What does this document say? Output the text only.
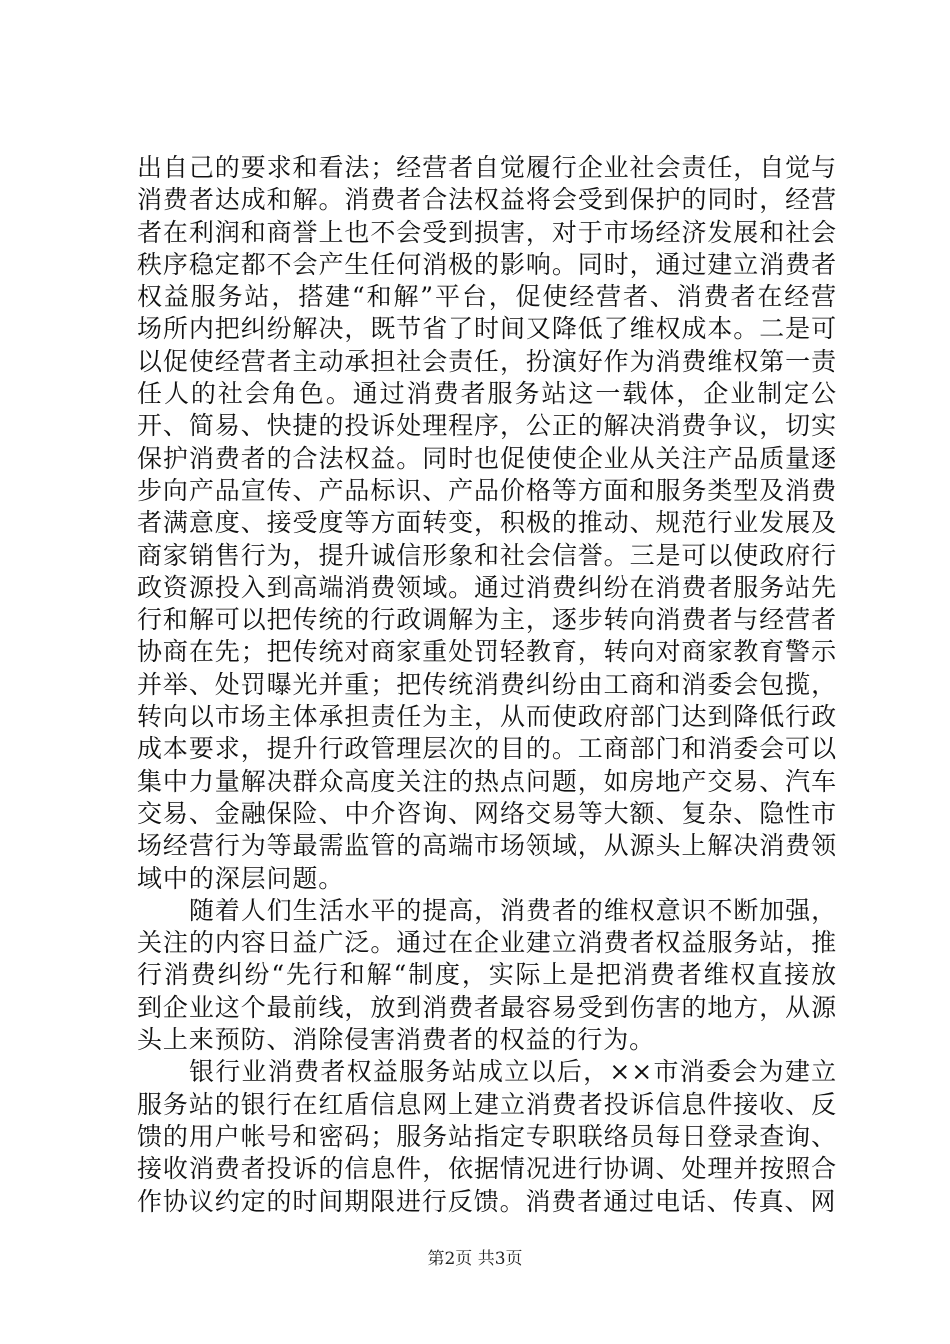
出自己的要求和看法；经营者自觉履行企业社会责任，自觉与消费者达成和解。消费者合法权益将会受到保护的同时，经营者在利润和商誉上也不会受到损害，对于市场经济发展和社会秩序稳定都不会产生任何消极的影响。同时，通过建立消费者权益服务站，搭建“和解”平台，促使经营者、消费者在经营场所内把纠纷解决，既节省了时间又降低了维权成本。二是可以促使经营者主动承担社会责任，扮演好作为消费维权第一责任人的社会角色。通过消费者服务站这一载体，企业制定公开、简易、快捷的投诉处理程序，公正的解决消费争议，切实保护消费者的合法权益。同时也促使使企业从关注产品质量逐步向产品宣传、产品标识、产品价格等方面和服务类型及消费者满意度、接受度等方面转变，积极的推动、规范行业发展及商家销售行为，提升诚信形象和社会信誉。三是可以使政府行政资源投入到高端消费领域。通过消费纠纷在消费者服务站先行和解可以把传统的行政调解为主，逐步转向消费者与经营者协商在先；把传统对商家重处罚轻教育，转向对商家教育警示并举、处罚曝光并重；把传统消费纠纷由工商和消委会包揽，转向以市场主体承担责任为主，从而使政府部门达到降低行政成本要求，提升行政管理层次的目的。工商部门和消委会可以集中力量解决群众高度关注的热点问题，如房地产交易、汽车交易、金融保险、中介咨询、网络交易等大额、复杂、隐性市场经营行为等最需监管的高端市场领域，从源头上解决消费领域中的深层问题。

随着人们生活水平的提高，消费者的维权意识不断加强，关注的内容日益广泛。通过在企业建立消费者权益服务站，推行消费纠纷“先行和解“制度，实际上是把消费者维权直接放到企业这个最前线，放到消费者最容易受到伤害的地方，从源头上来预防、消除侵害消费者的权益的行为。

银行业消费者权益服务站成立以后，××市消委会为建立服务站的银行在红盾信息网上建立消费者投诉信息件接收、反馈的用户帐号和密码；服务站指定专职联络员每日登录查询、接收消费者投诉的信息件，依据情况进行协调、处理并按照合作协议约定的时间期限进行反馈。消费者通过电话、传真、网

第2页 共3页
